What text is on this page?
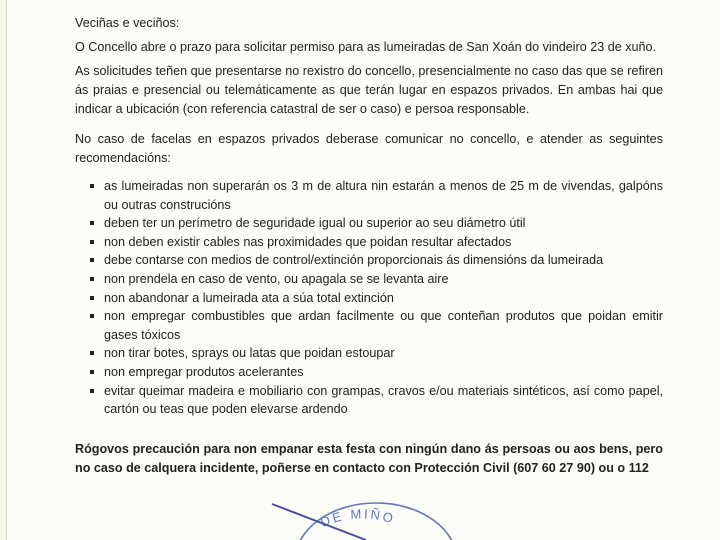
Veciñas e veciños:

O Concello abre o prazo para solicitar permiso para as lumeiradas de San Xoán do vindeiro 23 de xuño.

As solicitudes teñen que presentarse no rexistro do concello, presencialmente no caso das que se refiren ás praias e presencial ou telemáticamente as que terán lugar en espazos privados. En ambas hai que indicar a ubicación (con referencia catastral de ser o caso) e persoa responsable.

No caso de facelas en espazos privados deberase comunicar no concello, e atender as seguintes recomendacións:

as lumeiradas non superarán os 3 m de altura nin estarán a menos de 25 m de vivendas, galpóns ou outras construcións
deben ter un perímetro de seguridade igual ou superior ao seu diámetro útil
non deben existir cables nas proximidades que poidan resultar afectados
debe contarse con medios de control/extinción proporcionais ás dimensións da lumeirada
non prendela en caso de vento, ou apagala se se levanta aire
non abandonar a lumeirada ata a súa total extinción
non empregar combustibles que ardan facilmente ou que conteñan produtos que poidan emitir gases tóxicos
non tirar botes, sprays ou latas que poidan estoupar
non empregar produtos acelerantes
evitar queimar madeira e mobiliario con grampas, cravos e/ou materiais sintéticos, así como papel, cartón ou teas que poden elevarse ardendo

Rógovos precaución para non empanar esta festa con ningún dano ás persoas ou aos bens, pero no caso de calquera incidente, poñerse en contacto con Protección Civil (607 60 27 90) ou o 112

DE MIÑO
